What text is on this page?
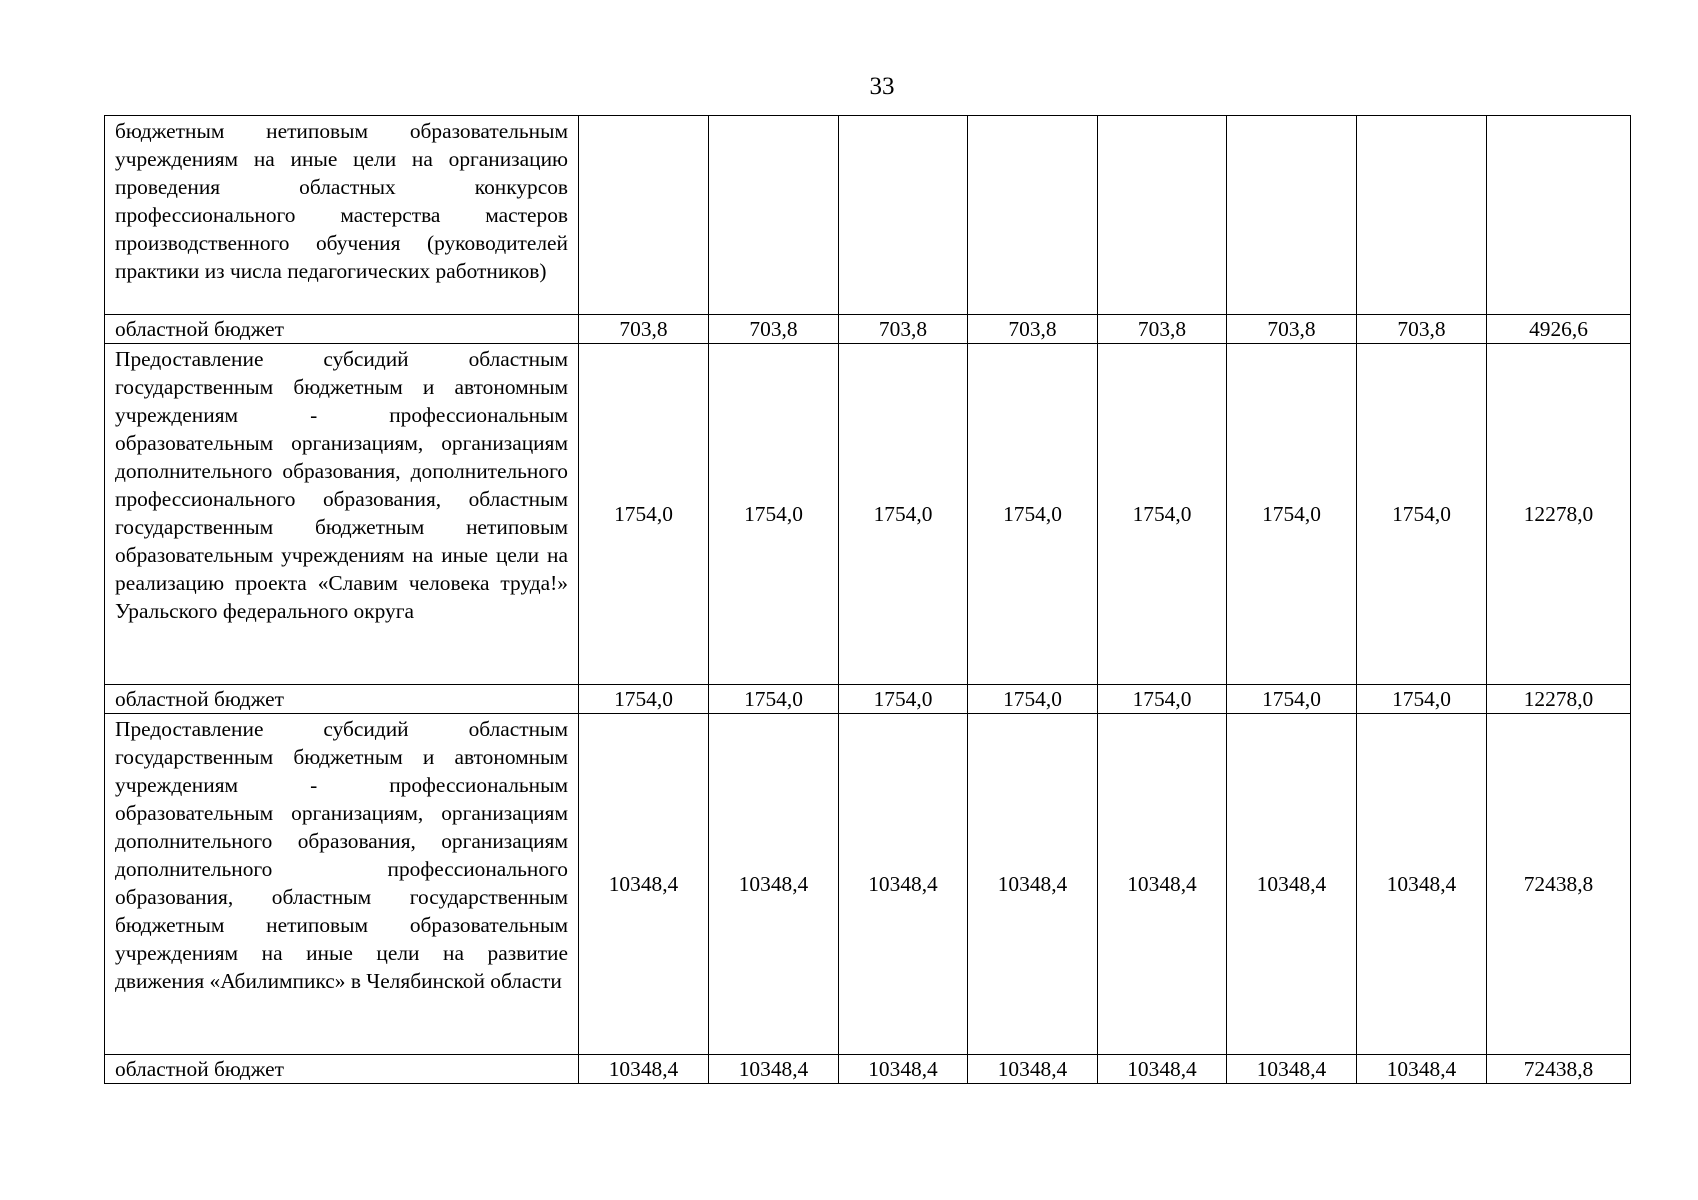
33
бюджетным нетиповым образовательным учреждениям на иные цели на организацию проведения областных конкурсов профессионального мастерства мастеров производственного обучения (руководителей практики из числа педагогических работников)								
областной бюджет	703,8	703,8	703,8	703,8	703,8	703,8	703,8	4926,6
Предоставление субсидий областным государственным бюджетным и автономным учреждениям - профессиональным образовательным организациям, организациям дополнительного образования, дополнительного профессионального образования, областным государственным бюджетным нетиповым образовательным учреждениям на иные цели на реализацию проекта «Славим человека труда!» Уральского федерального округа	1754,0	1754,0	1754,0	1754,0	1754,0	1754,0	1754,0	12278,0
областной бюджет	1754,0	1754,0	1754,0	1754,0	1754,0	1754,0	1754,0	12278,0
Предоставление субсидий областным государственным бюджетным и автономным учреждениям - профессиональным образовательным организациям, организациям дополнительного образования, организациям дополнительного профессионального образования, областным государственным бюджетным нетиповым образовательным учреждениям на иные цели на развитие движения «Абилимпикс» в Челябинской области	10348,4	10348,4	10348,4	10348,4	10348,4	10348,4	10348,4	72438,8
областной бюджет	10348,4	10348,4	10348,4	10348,4	10348,4	10348,4	10348,4	72438,8
